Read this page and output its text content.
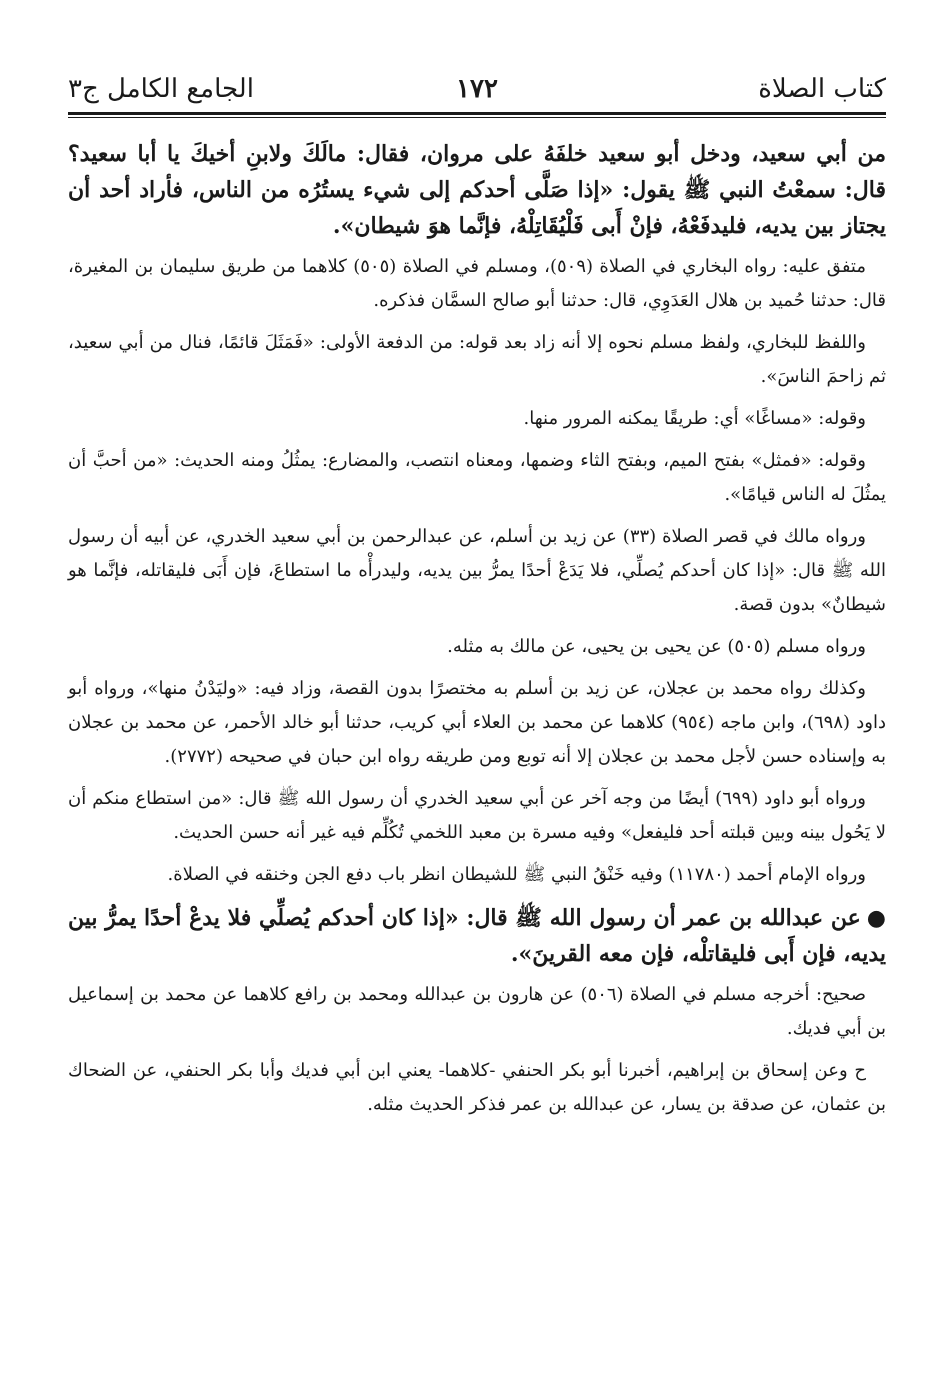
كتاب الصلاة
١٧٢
الجامع الكامل ج٣

من أبي سعيد، ودخل أبو سعيد خلفَهُ على مروان، فقال: مالَكَ ولابنِ أخيكَ يا أبا سعيد؟ قال: سمعْتُ النبي ﷺ يقول: «إذا صَلَّى أحدكم إلى شيء يستُرُه من الناس، فأراد أحد أن يجتاز بين يديه، فليدفَعْهُ، فإنْ أَبى فَلْيُقَاتِلْهُ، فإنَّما هوَ شيطان».

متفق عليه: رواه البخاري في الصلاة (٥٠٩)، ومسلم في الصلاة (٥٠٥) كلاهما من طريق سليمان بن المغيرة، قال: حدثنا حُميد بن هلال العَدَوِي، قال: حدثنا أبو صالح السمَّان فذكره.

واللفظ للبخاري، ولفظ مسلم نحوه إلا أنه زاد بعد قوله: من الدفعة الأولى: «فَمَثَلَ قائمًا، فنال من أبي سعيد، ثم زاحمَ الناسَ».

وقوله: «مساغًا» أي: طريقًا يمكنه المرور منها.

وقوله: «فمثل» بفتح الميم، وبفتح الثاء وضمها، ومعناه انتصب، والمضارع: يمثُلُ ومنه الحديث: «من أحبَّ أن يمثُلَ له الناس قيامًا».

ورواه مالك في قصر الصلاة (٣٣) عن زيد بن أسلم، عن عبدالرحمن بن أبي سعيد الخدري، عن أبيه أن رسول الله ﷺ قال: «إذا كان أحدكم يُصلِّي، فلا يَدَعْ أحدًا يمرُّ بين يديه، وليدرأْه ما استطاعَ، فإن أَبَى فليقاتله، فإنَّما هو شيطانٌ» بدون قصة.

ورواه مسلم (٥٠٥) عن يحيى بن يحيى، عن مالك به مثله.

وكذلك رواه محمد بن عجلان، عن زيد بن أسلم به مختصرًا بدون القصة، وزاد فيه: «وليَدْنُ منها»، ورواه أبو داود (٦٩٨)، وابن ماجه (٩٥٤) كلاهما عن محمد بن العلاء أبي كريب، حدثنا أبو خالد الأحمر، عن محمد بن عجلان به وإسناده حسن لأجل محمد بن عجلان إلا أنه توبع ومن طريقه رواه ابن حبان في صحيحه (٢٧٧٢).

ورواه أبو داود (٦٩٩) أيضًا من وجه آخر عن أبي سعيد الخدري أن رسول الله ﷺ قال: «من استطاع منكم أن لا يَحُول بينه وبين قبلته أحد فليفعل» وفيه مسرة بن معبد اللخمي تُكُلِّم فيه غير أنه حسن الحديث.

ورواه الإمام أحمد (١١٧٨٠) وفيه خَنْقُ النبي ﷺ للشيطان انظر باب دفع الجن وخنقه في الصلاة.

●عن عبدالله بن عمر أن رسول الله ﷺ قال: «إذا كان أحدكم يُصلِّي فلا يدعْ أحدًا يمرُّ بين يديه، فإن أَبى فليقاتلْه، فإن معه القرينَ».

صحيح: أخرجه مسلم في الصلاة (٥٠٦) عن هارون بن عبدالله ومحمد بن رافع كلاهما عن محمد بن إسماعيل بن أبي فديك.

ح وعن إسحاق بن إبراهيم، أخبرنا أبو بكر الحنفي -كلاهما- يعني ابن أبي فديك وأبا بكر الحنفي، عن الضحاك بن عثمان، عن صدقة بن يسار، عن عبدالله بن عمر فذكر الحديث مثله.
